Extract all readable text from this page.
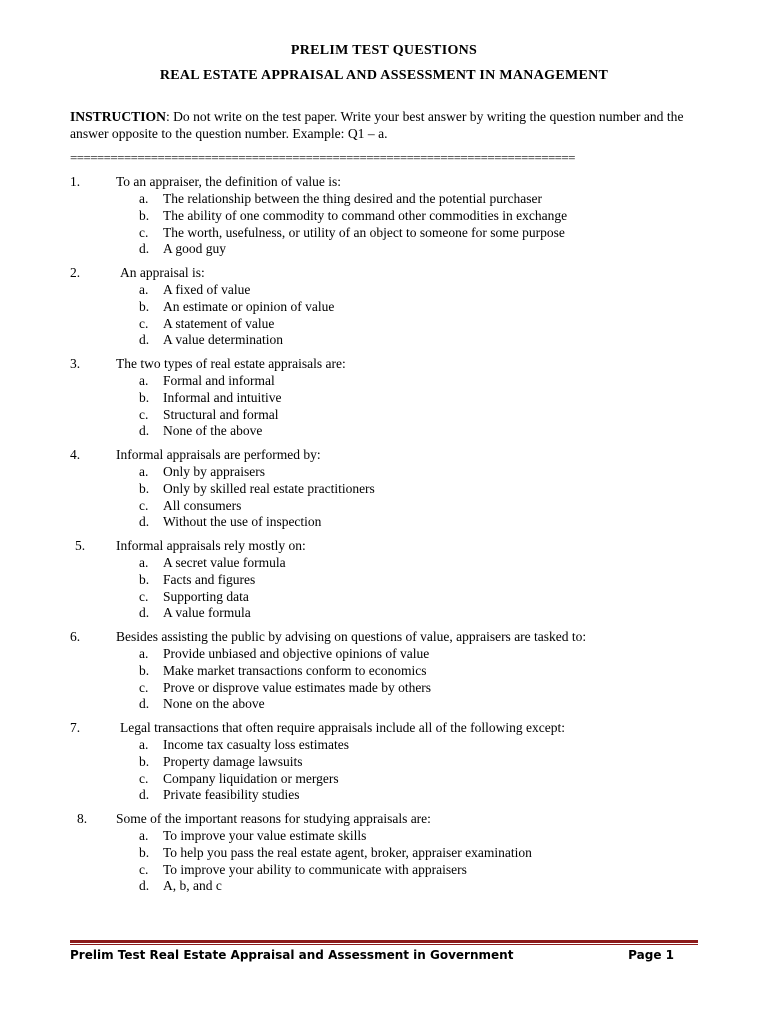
PRELIM TEST QUESTIONS
REAL ESTATE APPRAISAL AND ASSESSMENT IN MANAGEMENT
INSTRUCTION: Do not write on the test paper. Write your best answer by writing the question number and the answer opposite to the question number. Example: Q1 – a.
===========================================================================
1.	To an appraiser, the definition of value is:
a. The relationship between the thing desired and the potential purchaser
b. The ability of one commodity to command other commodities in exchange
c. The worth, usefulness, or utility of an object to someone for some purpose
d. A good guy
2.	An appraisal is:
a. A fixed of value
b. An estimate or opinion of value
c. A statement of value
d. A value determination
3.	The two types of real estate appraisals are:
a. Formal and informal
b. Informal and intuitive
c. Structural and formal
d. None of the above
4.	Informal appraisals are performed by:
a. Only by appraisers
b. Only by skilled real estate practitioners
c. All consumers
d. Without the use of inspection
5. Informal appraisals rely mostly on:
a. A secret value formula
b. Facts and figures
c. Supporting data
d. A value formula
6.	Besides assisting the public by advising on questions of value, appraisers are tasked to:
a. Provide unbiased and objective opinions of value
b. Make market transactions conform to economics
c. Prove or disprove value estimates made by others
d. None on the above
7.	Legal transactions that often require appraisals include all of the following except:
a. Income tax casualty loss estimates
b. Property damage lawsuits
c. Company liquidation or mergers
d. Private feasibility studies
8. Some of the important reasons for studying appraisals are:
a. To improve your value estimate skills
b. To help you pass the real estate agent, broker, appraiser examination
c. To improve your ability to communicate with appraisers
d. A, b, and c
Prelim Test Real Estate Appraisal and Assessment in Government	Page 1
